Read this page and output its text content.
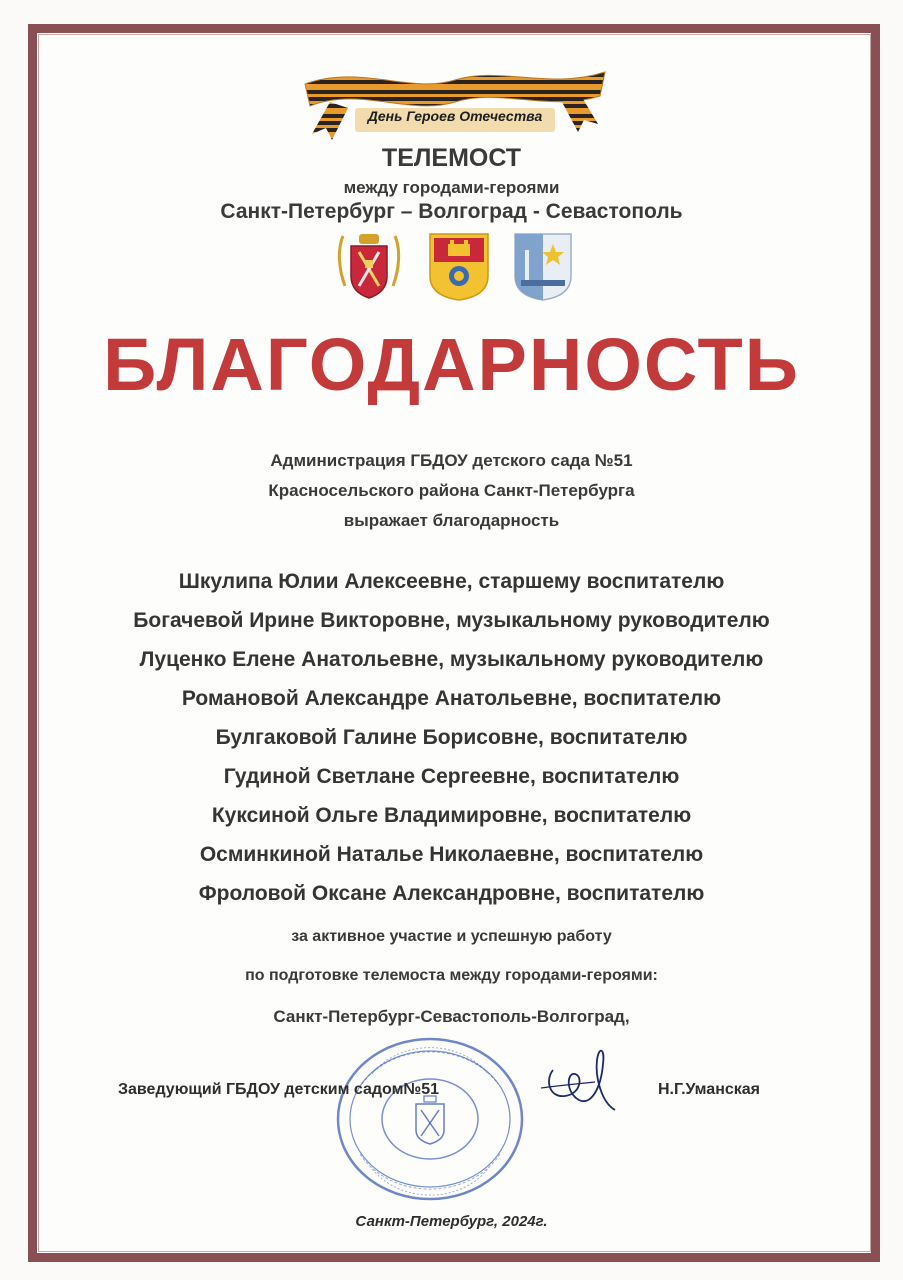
День Героев Отечества
ТЕЛЕМОСТ
между городами-героями
Санкт-Петербург – Волгоград - Севастополь
БЛАГОДАРНОСТЬ
Администрация ГБДОУ детского сада №51
Красносельского района Санкт-Петербурга
выражает благодарность
Шкулипа Юлии Алексеевне, старшему воспитателю
Богачевой Ирине Викторовне, музыкальному руководителю
Луценко Елене Анатольевне, музыкальному руководителю
Романовой Александре Анатольевне, воспитателю
Булгаковой Галине Борисовне, воспитателю
Гудиной Светлане Сергеевне, воспитателю
Куксиной Ольге Владимировне, воспитателю
Осминкиной Наталье Николаевне, воспитателю
Фроловой Оксане Александровне, воспитателю
за активное участие и успешную работу
по подготовке телемоста между городами-героями:
Санкт-Петербург-Севастополь-Волгоград,
Заведующий ГБДОУ детским садом№51	Н.Г.Уманская
Санкт-Петербург, 2024г.
